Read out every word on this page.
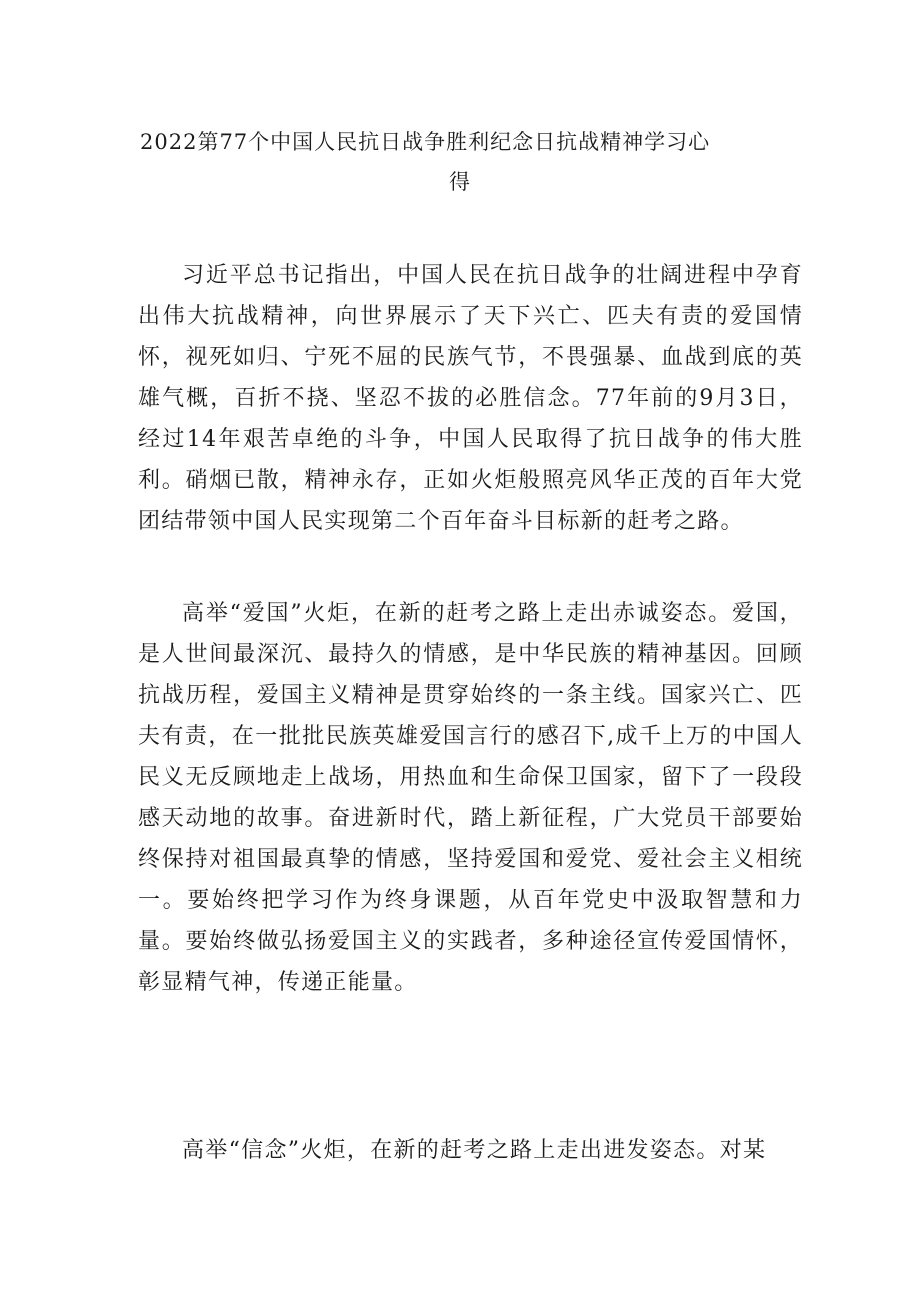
2022第77个中国人民抗日战争胜利纪念日抗战精神学习心
得

习近平总书记指出，中国人民在抗日战争的壮阔进程中孕育出伟大抗战精神，向世界展示了天下兴亡、匹夫有责的爱国情怀，视死如归、宁死不屈的民族气节，不畏强暴、血战到底的英雄气概，百折不挠、坚忍不拔的必胜信念。77年前的9月3日，经过14年艰苦卓绝的斗争，中国人民取得了抗日战争的伟大胜利。硝烟已散，精神永存，正如火炬般照亮风华正茂的百年大党团结带领中国人民实现第二个百年奋斗目标新的赶考之路。

高举“爱国”火炬，在新的赶考之路上走出赤诚姿态。爱国，是人世间最深沉、最持久的情感，是中华民族的精神基因。回顾抗战历程，爱国主义精神是贯穿始终的一条主线。国家兴亡、匹夫有责，在一批批民族英雄爱国言行的感召下,成千上万的中国人民义无反顾地走上战场，用热血和生命保卫国家，留下了一段段感天动地的故事。奋进新时代，踏上新征程，广大党员干部要始终保持对祖国最真挚的情感，坚持爱国和爱党、爱社会主义相统一。要始终把学习作为终身课题，从百年党史中汲取智慧和力量。要始终做弘扬爱国主义的实践者，多种途径宣传爱国情怀，彰显精气神，传递正能量。

高举“信念”火炬，在新的赶考之路上走出进发姿态。对某
